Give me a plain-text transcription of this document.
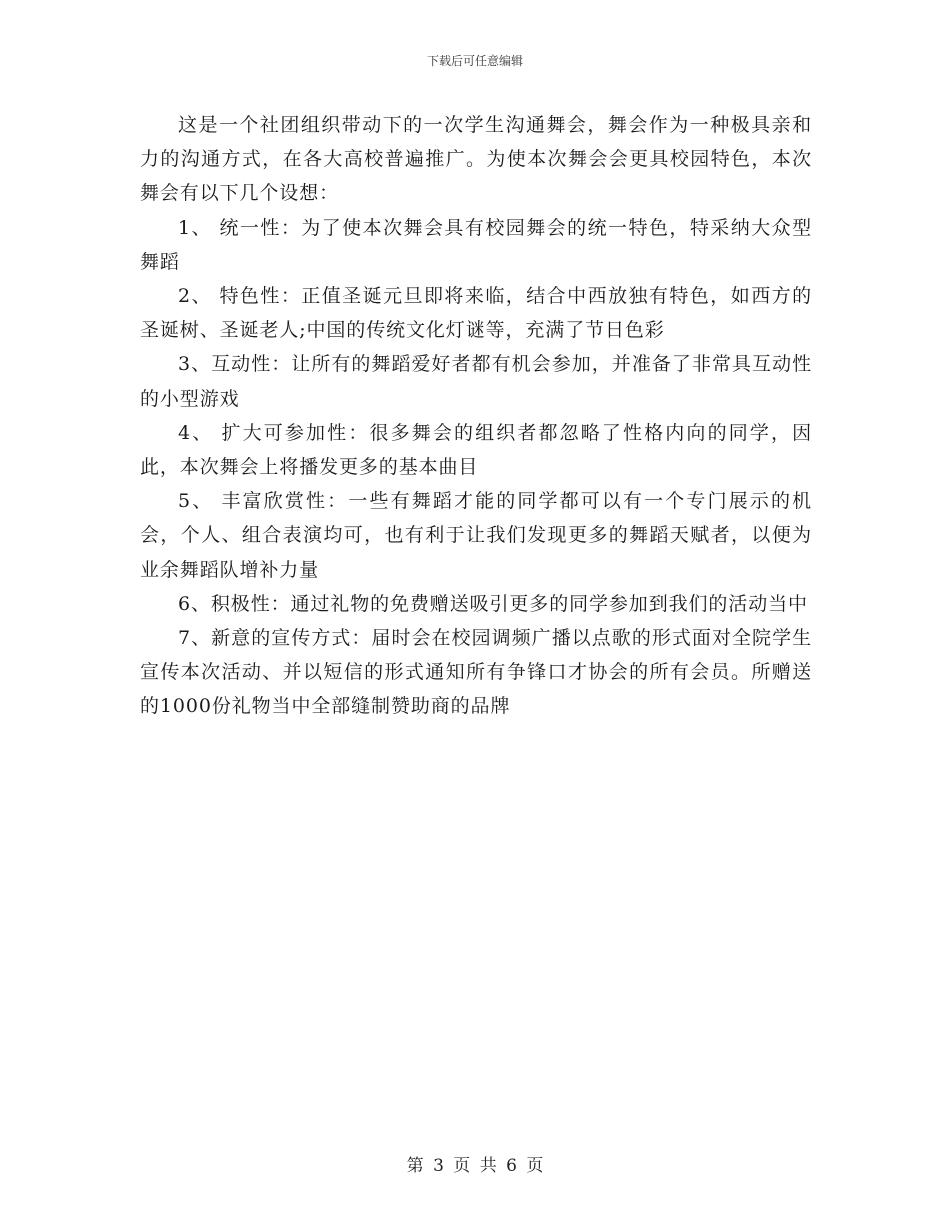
下载后可任意编辑

这是一个社团组织带动下的一次学生沟通舞会，舞会作为一种极具亲和力的沟通方式，在各大高校普遍推广。为使本次舞会会更具校园特色，本次舞会有以下几个设想：

1、 统一性：为了使本次舞会具有校园舞会的统一特色，特采纳大众型舞蹈

2、 特色性：正值圣诞元旦即将来临，结合中西放独有特色，如西方的圣诞树、圣诞老人;中国的传统文化灯谜等，充满了节日色彩

3、互动性：让所有的舞蹈爱好者都有机会参加，并准备了非常具互动性的小型游戏

4、 扩大可参加性：很多舞会的组织者都忽略了性格内向的同学，因此，本次舞会上将播发更多的基本曲目

5、 丰富欣赏性：一些有舞蹈才能的同学都可以有一个专门展示的机会，个人、组合表演均可，也有利于让我们发现更多的舞蹈天赋者，以便为业余舞蹈队增补力量

6、积极性：通过礼物的免费赠送吸引更多的同学参加到我们的活动当中

7、新意的宣传方式：届时会在校园调频广播以点歌的形式面对全院学生宣传本次活动、并以短信的形式通知所有争锋口才协会的所有会员。所赠送的1000份礼物当中全部缝制赞助商的品牌

第 3 页 共 6 页
